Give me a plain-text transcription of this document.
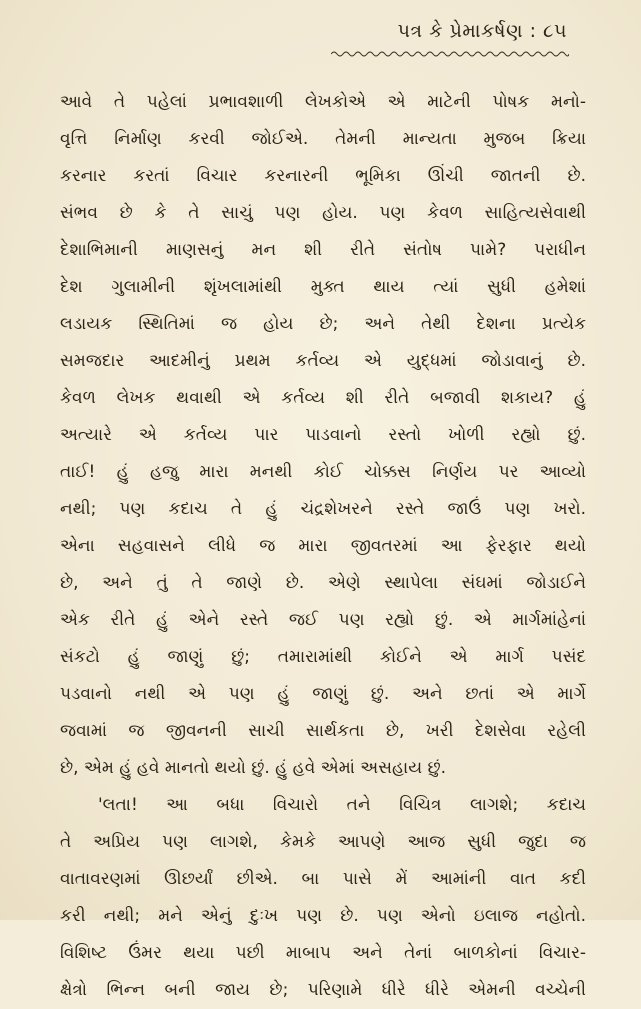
પત્ર કે પ્રેમાકર્ષણ : ૮૫
આવે તે પહેલાં પ્રભાવશાળી લેખકોએ એ માટેની પોષક મનો-
વૃત્તિ નિર્માણ કરવી જોઈએ. તેમની માન્યતા મુજબ ક્રિયા
કરનાર કરતાં વિચાર કરનારની ભૂમિકા ઊંચી જાતની છે.
સંભવ છે કે તે સાચું પણ હોય. પણ કેવળ સાહિત્યસેવાથી
દેશાભિમાની માણસનું મન શી રીતે સંતોષ પામે? પરાધીન
દેશ ગુલામીની શૃંખલામાંથી મુક્ત થાય ત્યાં સુધી હમેશાં
લડાયક સ્થિતિમાં જ હોય છે; અને તેથી દેશના પ્રત્યેક
સમજદાર આદમીનું પ્રથમ કર્તવ્ય એ યુદ્ધમાં જોડાવાનું છે.
કેવળ લેખક થવાથી એ કર્તવ્ય શી રીતે બજાવી શકાય? હું
અત્યારે એ કર્તવ્ય પાર પાડવાનો રસ્તો ખોળી રહ્યો છું.
તાઈ! હું હજુ મારા મનથી કોઈ ચોક્કસ નિર્ણય પર આવ્યો
નથી; પણ કદાચ તે હું ચંદ્રશેખરને રસ્તે જાઉં પણ ખરો.
એના સહવાસને લીધે જ મારા જીવતરમાં આ ફેરફાર થયો
છે, અને તું તે જાણે છે. એણે સ્થાપેલા સંઘમાં જોડાઈને
એક રીતે હું એને રસ્તે જઈ પણ રહ્યો છું. એ માર્ગમાંહેનાં
સંકટો હું જાણું છું; તમારામાંથી કોઈને એ માર્ગ પસંદ
પડવાનો નથી એ પણ હું જાણું છું. અને છતાં એ માર્ગે
જવામાં જ જીવનની સાચી સાર્થકતા છે, ખરી દેશસેવા રહેલી
છે, એમ હું હવે માનતો થયો છું. હું હવે એમાં અસહાય છું.
'લતા! આ બધા વિચારો તને વિચિત્ર લાગશે; કદાચ
તે અપ્રિય પણ લાગશે, કેમકે આપણે આજ સુધી જુદા જ
વાતાવરણમાં ઊછર્યાં છીએ. બા પાસે મેં આમાંની વાત કદી
કરી નથી; મને એનું દુઃખ પણ છે. પણ એનો ઇલાજ નહોતો.
વિશિષ્ટ ઉંમર થયા પછી માબાપ અને તેનાં બાળકોનાં વિચાર-
ક્ષેત્રો ભિન્ન બની જાય છે; પરિણામે ધીરે ધીરે એમની વચ્ચેની
